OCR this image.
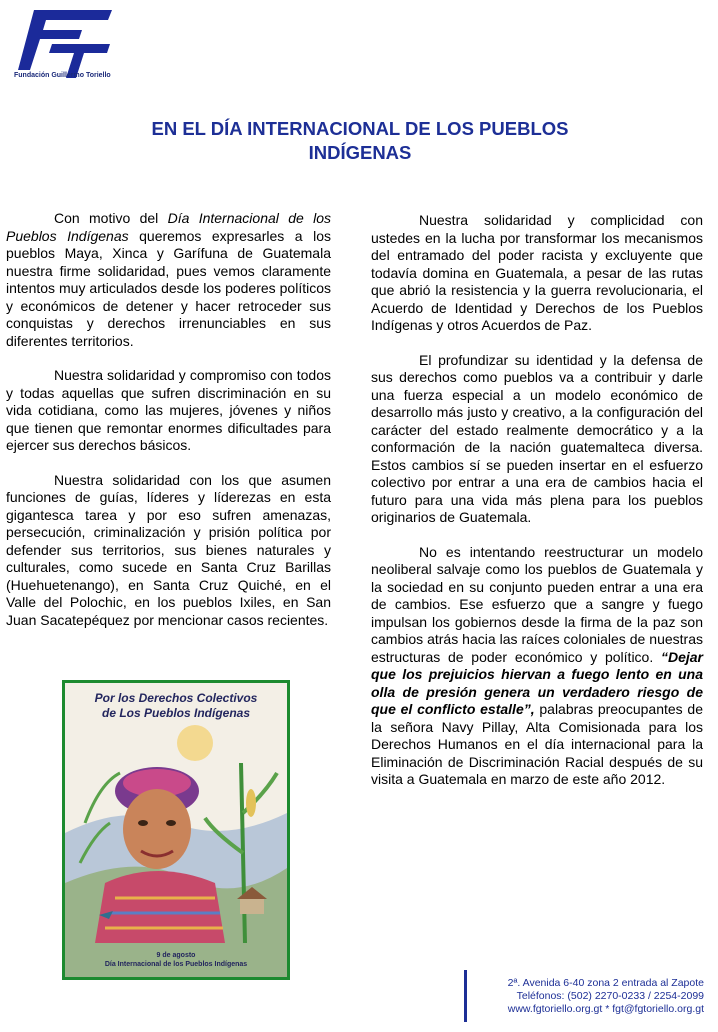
Fundación Guillermo Toriello
EN EL DÍA INTERNACIONAL DE LOS PUEBLOS
INDÍGENAS

Con motivo del Día Internacional de los Pueblos Indígenas queremos expresarles a los pueblos Maya, Xinca y Garífuna de Guatemala nuestra firme solidaridad, pues vemos claramente intentos muy articulados desde los poderes políticos y económicos de detener y hacer retroceder sus conquistas y derechos irrenunciables en sus diferentes territorios.

Nuestra solidaridad y compromiso con todos y todas aquellas que sufren discriminación en su vida cotidiana, como las mujeres, jóvenes y niños que tienen que remontar enormes dificultades para ejercer sus derechos básicos.

Nuestra solidaridad con los que asumen funciones de guías, líderes y líderezas en esta gigantesca tarea y por eso sufren amenazas, persecución, criminalización y prisión política por defender sus territorios, sus bienes naturales y culturales, como sucede en Santa Cruz Barillas (Huehuetenango), en Santa Cruz Quiché, en el Valle del Polochic, en los pueblos Ixiles, en San Juan Sacatepéquez por mencionar casos recientes.

Por los Derechos Colectivos
de Los Pueblos Indígenas
9 de agosto
Día Internacional de los Pueblos Indígenas

Nuestra solidaridad y complicidad con ustedes en la lucha por transformar los mecanismos del entramado del poder racista y excluyente que todavía domina en Guatemala, a pesar de las rutas que abrió la resistencia y la guerra revolucionaria, el Acuerdo de Identidad y Derechos de los Pueblos Indígenas y otros Acuerdos de Paz.

El profundizar su identidad y la defensa de sus derechos como pueblos va a contribuir y darle una fuerza especial a un modelo económico de desarrollo más justo y creativo, a la configuración del carácter del estado realmente democrático y a la conformación de la nación guatemalteca diversa. Estos cambios sí se pueden insertar en el esfuerzo colectivo por entrar a una era de cambios hacia el futuro para una vida más plena para los pueblos originarios de Guatemala.

No es intentando reestructurar un modelo neoliberal salvaje como los pueblos de Guatemala y la sociedad en su conjunto pueden entrar a una era de cambios. Ese esfuerzo que a sangre y fuego impulsan los gobiernos desde la firma de la paz son cambios atrás hacia las raíces coloniales de nuestras estructuras de poder económico y político. “Dejar que los prejuicios hiervan a fuego lento en una olla de presión genera un verdadero riesgo de que el conflicto estalle”, palabras preocupantes de la señora Navy Pillay, Alta Comisionada para los Derechos Humanos en el día internacional para la Eliminación de Discriminación Racial después de su visita a Guatemala en marzo de este año 2012.

2ª. Avenida 6-40 zona 2 entrada al Zapote
Teléfonos: (502) 2270-0233 / 2254-2099
www.fgtoriello.org.gt * fgt@fgtoriello.org.gt
